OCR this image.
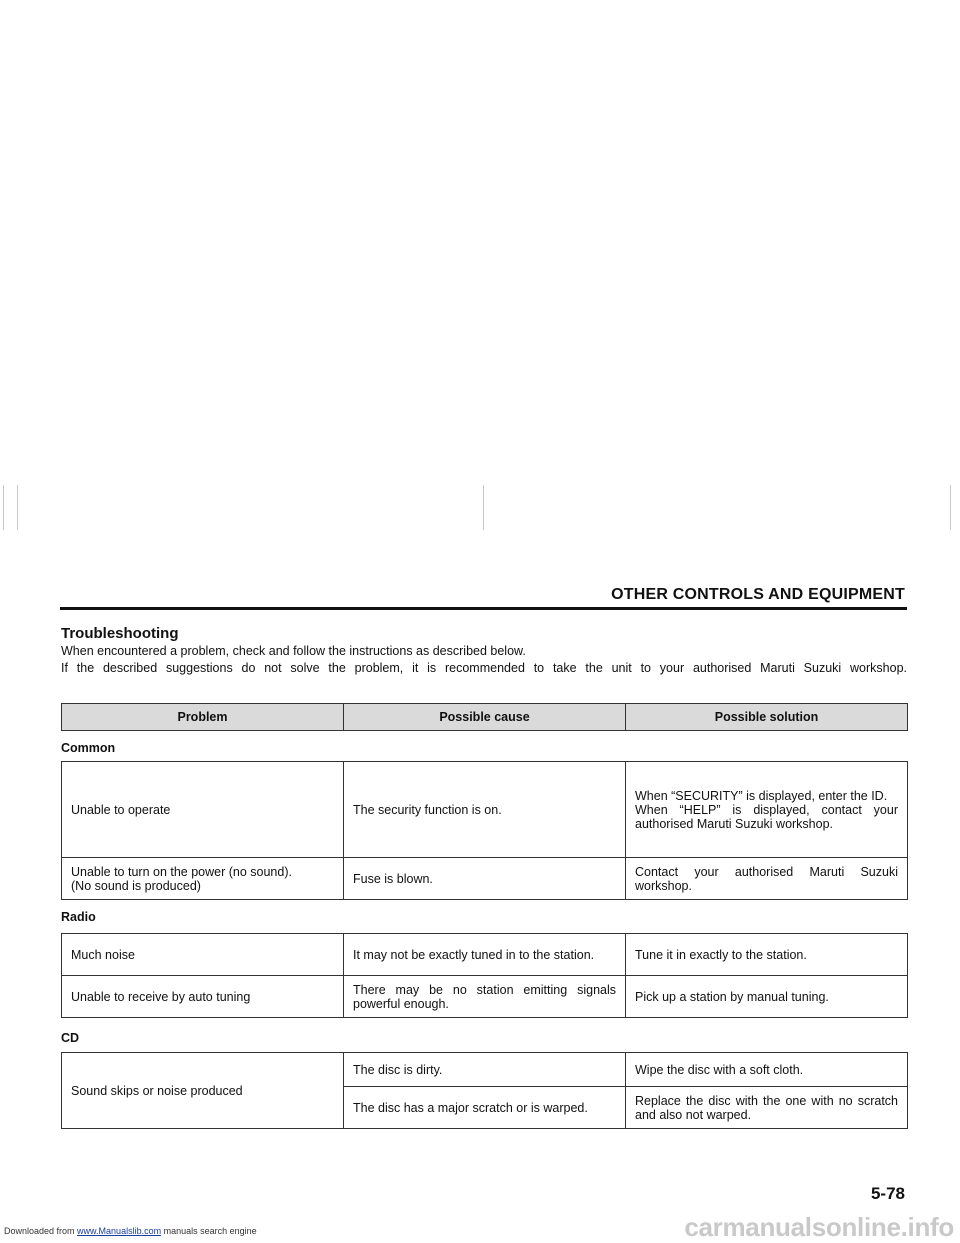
OTHER CONTROLS AND EQUIPMENT
Troubleshooting

When encountered a problem, check and follow the instructions as described below.

If the described suggestions do not solve the problem, it is recommended to take the unit to your authorised Maruti Suzuki workshop.

Problem	Possible cause	Possible solution
Common
Unable to operate	The security function is on.	When “SECURITY” is displayed, enter the ID.
When “HELP” is displayed, contact your authorised Maruti Suzuki workshop.

Unable to turn on the power (no sound).
(No sound is produced)	Fuse is blown.	Contact your authorised Maruti Suzuki workshop.
Radio
Much noise	It may not be exactly tuned in to the station.	Tune it in exactly to the station.
Unable to receive by auto tuning	There may be no station emitting signals powerful enough.	Pick up a station by manual tuning.
CD
Sound skips or noise produced	The disc is dirty.	Wipe the disc with a soft cloth.
	The disc has a major scratch or is warped.	Replace the disc with the one with no scratch and also not warped.
5-78
Downloaded from www.Manualslib.com manuals search engine	carmanualsonline.info
